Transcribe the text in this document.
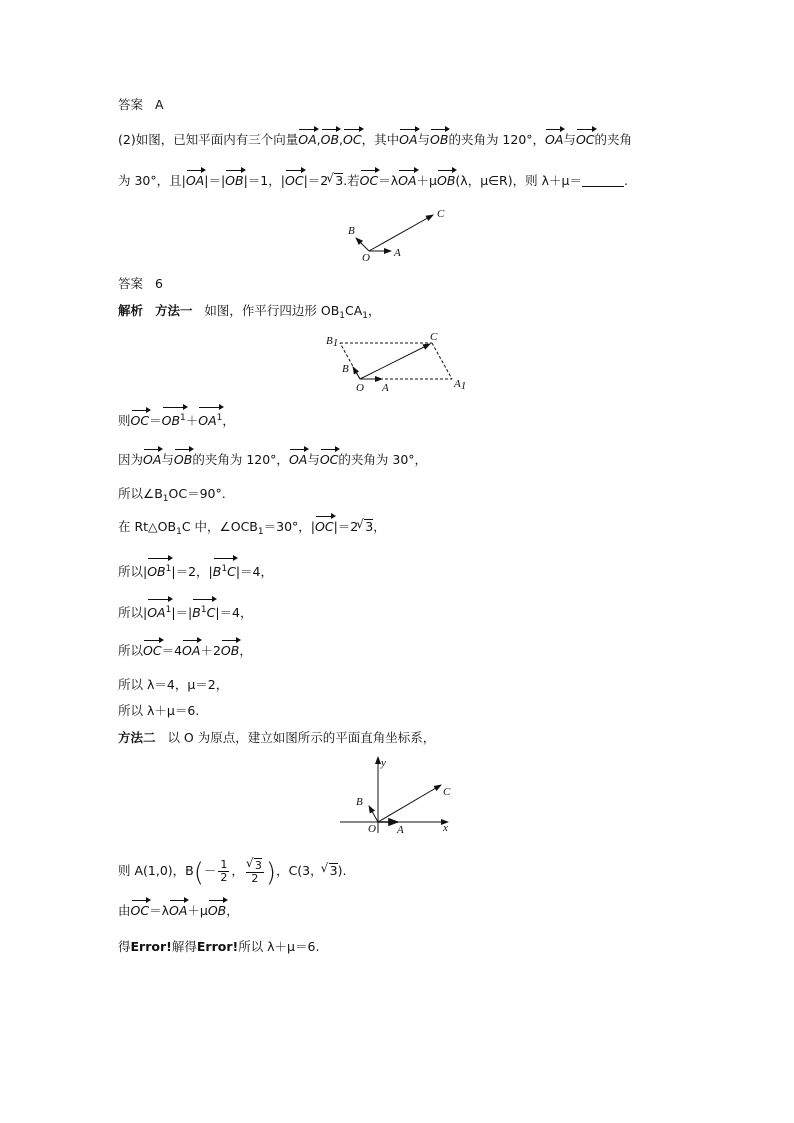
答案 A
(2)如图，已知平面内有三个向量OA,OB,OC，其中OA与OB的夹角为 120°，OA与OC的夹角
为 30°，且|OA|＝|OB|＝1，|OC|＝2 √ 3.若OC＝λOA＋μOB(λ，μ∈R)，则 λ＋μ＝	.
B
O A
C
答案 6
解析 方法一 如图，作平行四边形 $OB_1CA_1$，
B1	C
B
O A	A1
则$OC=OB^1+OA^1$，
因为OA与OB的夹角为 120°，OA与OC的夹角为 30°，
所以$\angle B_1OC=90^\circ$.
在 $Rt\triangle OB_1C$ 中，$\angle OCB_1=30^\circ$，|OC|＝2 √ 3，
所以$|OB^1|=2$，$|B^1C|=4$，
所以$|OA^1|=|B^1C|=4$，
所以OC＝4OA＋2OB，
所以 λ＝4，μ＝2，
所以 λ＋μ＝6.
方法二 以 O 为原点，建立如图所示的平面直角坐标系，
y
C
B
O A	x
则 A(1,0)，$B(- \frac{1}{2}$ ， √ $\frac{3}{2}$ )，C(3， √ 3).
由OC＝λOA＋μOB，
得Error!解得Error!所以 λ＋μ＝6.
